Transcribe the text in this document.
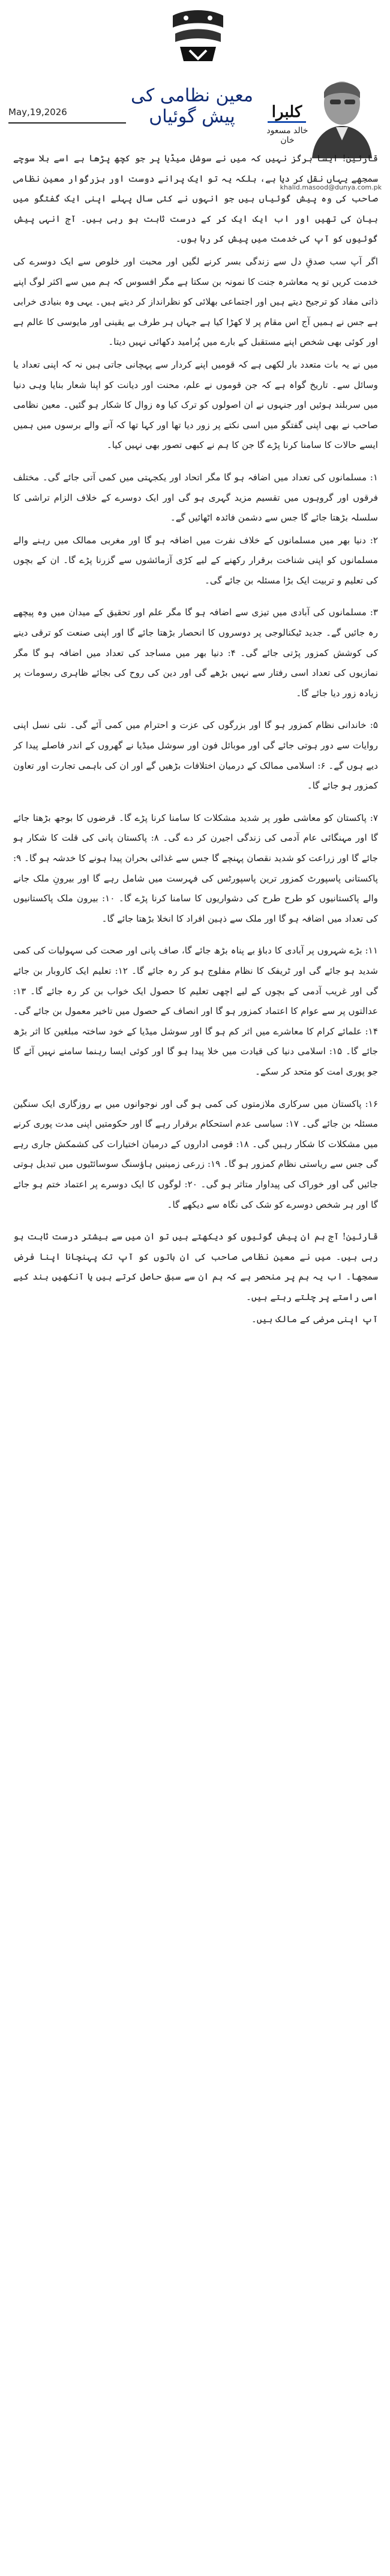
May,19,2026
معین نظامی کی پیش گوئیاں	کلبرا
خالد مسعود خان
khalid.masood@dunya.com.pk

قارئین! ایسا ہرگز نہیں کہ میں نے سوشل میڈیا پر جو کچھ پڑھا ہے اسے بلا سوچے سمجھے یہاں نقل کر دیا ہے، بلکہ یہ تو ایک پرانے دوست اور بزرگوار معین نظامی صاحب کی وہ پیش گوئیاں ہیں جو انہوں نے کئی سال پہلے اپنی ایک گفتگو میں بیان کی تھیں اور اب ایک ایک کر کے درست ثابت ہو رہی ہیں۔ آج انہی پیش گوئیوں کو آپ کی خدمت میں پیش کر رہا ہوں۔

اگر آپ سب صدقِ دل سے زندگی بسر کرنے لگیں اور محبت اور خلوص سے ایک دوسرے کی خدمت کریں تو یہ معاشرہ جنت کا نمونہ بن سکتا ہے مگر افسوس کہ ہم میں سے اکثر لوگ اپنے ذاتی مفاد کو ترجیح دیتے ہیں اور اجتماعی بھلائی کو نظرانداز کر دیتے ہیں۔ یہی وہ بنیادی خرابی ہے جس نے ہمیں آج اس مقام پر لا کھڑا کیا ہے جہاں ہر طرف بے یقینی اور مایوسی کا عالم ہے اور کوئی بھی شخص اپنے مستقبل کے بارے میں پُرامید دکھائی نہیں دیتا۔

میں نے یہ بات متعدد بار لکھی ہے کہ قومیں اپنے کردار سے پہچانی جاتی ہیں نہ کہ اپنی تعداد یا وسائل سے۔ تاریخ گواہ ہے کہ جن قوموں نے علم، محنت اور دیانت کو اپنا شعار بنایا وہی دنیا میں سربلند ہوئیں اور جنہوں نے ان اصولوں کو ترک کیا وہ زوال کا شکار ہو گئیں۔ معین نظامی صاحب نے بھی اپنی گفتگو میں اسی نکتے پر زور دیا تھا اور کہا تھا کہ آنے والے برسوں میں ہمیں ایسے حالات کا سامنا کرنا پڑے گا جن کا ہم نے کبھی تصور بھی نہیں کیا۔

۱: مسلمانوں کی تعداد میں اضافہ ہو گا مگر اتحاد اور یکجہتی میں کمی آتی جائے گی۔ مختلف فرقوں اور گروہوں میں تقسیم مزید گہری ہو گی اور ایک دوسرے کے خلاف الزام تراشی کا سلسلہ بڑھتا جائے گا جس سے دشمن فائدہ اٹھائیں گے۔

۲: دنیا بھر میں مسلمانوں کے خلاف نفرت میں اضافہ ہو گا اور مغربی ممالک میں رہنے والے مسلمانوں کو اپنی شناخت برقرار رکھنے کے لیے کڑی آزمائشوں سے گزرنا پڑے گا۔ ان کے بچوں کی تعلیم و تربیت ایک بڑا مسئلہ بن جائے گی۔

۳: مسلمانوں کی آبادی میں تیزی سے اضافہ ہو گا مگر علم اور تحقیق کے میدان میں وہ پیچھے رہ جائیں گے۔ جدید ٹیکنالوجی پر دوسروں کا انحصار بڑھتا جائے گا اور اپنی صنعت کو ترقی دینے کی کوشش کمزور پڑتی جائے گی۔ ۴: دنیا بھر میں مساجد کی تعداد میں اضافہ ہو گا مگر نمازیوں کی تعداد اسی رفتار سے نہیں بڑھے گی اور دین کی روح کی بجائے ظاہری رسومات پر زیادہ زور دیا جائے گا۔

۵: خاندانی نظام کمزور ہو گا اور بزرگوں کی عزت و احترام میں کمی آئے گی۔ نئی نسل اپنی روایات سے دور ہوتی جائے گی اور موبائل فون اور سوشل میڈیا نے گھروں کے اندر فاصلے پیدا کر دیے ہوں گے۔ ۶: اسلامی ممالک کے درمیان اختلافات بڑھیں گے اور ان کی باہمی تجارت اور تعاون کمزور ہو جائے گا۔

۷: پاکستان کو معاشی طور پر شدید مشکلات کا سامنا کرنا پڑے گا۔ قرضوں کا بوجھ بڑھتا جائے گا اور مہنگائی عام آدمی کی زندگی اجیرن کر دے گی۔ ۸: پاکستان پانی کی قلت کا شکار ہو جائے گا اور زراعت کو شدید نقصان پہنچے گا جس سے غذائی بحران پیدا ہونے کا خدشہ ہو گا۔ ۹: پاکستانی پاسپورٹ کمزور ترین پاسپورٹس کی فہرست میں شامل رہے گا اور بیرونِ ملک جانے والے پاکستانیوں کو طرح طرح کی دشواریوں کا سامنا کرنا پڑے گا۔ ۱۰: بیرون ملک پاکستانیوں کی تعداد میں اضافہ ہو گا اور ملک سے ذہین افراد کا انخلا بڑھتا جائے گا۔

۱۱: بڑے شہروں پر آبادی کا دباؤ بے پناہ بڑھ جائے گا، صاف پانی اور صحت کی سہولیات کی کمی شدید ہو جائے گی اور ٹریفک کا نظام مفلوج ہو کر رہ جائے گا۔ ۱۲: تعلیم ایک کاروبار بن جائے گی اور غریب آدمی کے بچوں کے لیے اچھی تعلیم کا حصول ایک خواب بن کر رہ جائے گا۔ ۱۳: عدالتوں پر سے عوام کا اعتماد کمزور ہو گا اور انصاف کے حصول میں تاخیر معمول بن جائے گی۔ ۱۴: علمائے کرام کا معاشرے میں اثر کم ہو گا اور سوشل میڈیا کے خود ساختہ مبلغین کا اثر بڑھ جائے گا۔ ۱۵: اسلامی دنیا کی قیادت میں خلا پیدا ہو گا اور کوئی ایسا رہنما سامنے نہیں آئے گا جو پوری امت کو متحد کر سکے۔

۱۶: پاکستان میں سرکاری ملازمتوں کی کمی ہو گی اور نوجوانوں میں بے روزگاری ایک سنگین مسئلہ بن جائے گی۔ ۱۷: سیاسی عدم استحکام برقرار رہے گا اور حکومتیں اپنی مدت پوری کرنے میں مشکلات کا شکار رہیں گی۔ ۱۸: قومی اداروں کے درمیان اختیارات کی کشمکش جاری رہے گی جس سے ریاستی نظام کمزور ہو گا۔ ۱۹: زرعی زمینیں ہاؤسنگ سوسائٹیوں میں تبدیل ہوتی جائیں گی اور خوراک کی پیداوار متاثر ہو گی۔ ۲۰: لوگوں کا ایک دوسرے پر اعتماد ختم ہو جائے گا اور ہر شخص دوسرے کو شک کی نگاہ سے دیکھے گا۔

قارئین! آج ہم ان پیش گوئیوں کو دیکھتے ہیں تو ان میں سے بیشتر درست ثابت ہو رہی ہیں۔ میں نے معین نظامی صاحب کی ان باتوں کو آپ تک پہنچانا اپنا فرض سمجھا۔ اب یہ ہم پر منحصر ہے کہ ہم ان سے سبق حاصل کرتے ہیں یا آنکھیں بند کیے اسی راستے پر چلتے رہتے ہیں۔

آپ اپنی مرضی کے مالک ہیں۔
